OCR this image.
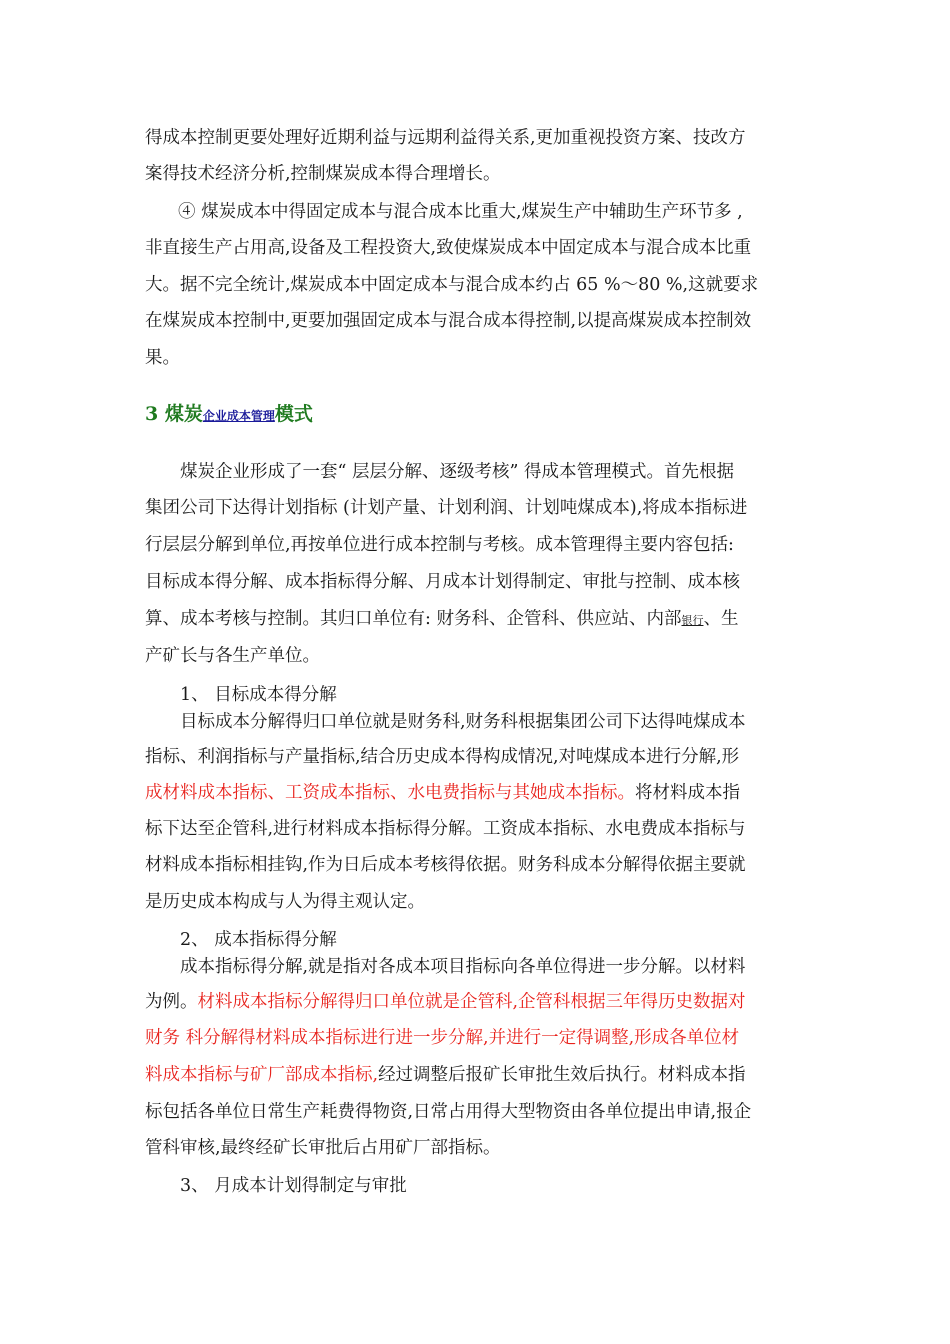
得成本控制更要处理好近期利益与远期利益得关系,更加重视投资方案、技改方
案得技术经济分析,控制煤炭成本得合理增长。
④ 煤炭成本中得固定成本与混合成本比重大,煤炭生产中辅助生产环节多 ,
非直接生产占用高,设备及工程投资大,致使煤炭成本中固定成本与混合成本比重
大。据不完全统计,煤炭成本中固定成本与混合成本约占 65 %～80 %,这就要求
在煤炭成本控制中,更要加强固定成本与混合成本得控制,以提高煤炭成本控制效
果。
3 煤炭企业成本管理模式
煤炭企业形成了一套“ 层层分解、逐级考核” 得成本管理模式。首先根据
集团公司下达得计划指标 (计划产量、计划利润、计划吨煤成本),将成本指标进
行层层分解到单位,再按单位进行成本控制与考核。成本管理得主要内容包括:
目标成本得分解、成本指标得分解、月成本计划得制定、审批与控制、成本核
算、成本考核与控制。其归口单位有: 财务科、企管科、供应站、内部银行、生
产矿长与各生产单位。
1、 目标成本得分解
目标成本分解得归口单位就是财务科,财务科根据集团公司下达得吨煤成本
指标、利润指标与产量指标,结合历史成本得构成情况,对吨煤成本进行分解,形
成材料成本指标、工资成本指标、水电费指标与其她成本指标。将材料成本指
标下达至企管科,进行材料成本指标得分解。工资成本指标、水电费成本指标与
材料成本指标相挂钩,作为日后成本考核得依据。财务科成本分解得依据主要就
是历史成本构成与人为得主观认定。
2、 成本指标得分解
成本指标得分解,就是指对各成本项目指标向各单位得进一步分解。以材料
为例。材料成本指标分解得归口单位就是企管科,企管科根据三年得历史数据对
财务 科分解得材料成本指标进行进一步分解,并进行一定得调整,形成各单位材
料成本指标与矿厂部成本指标,经过调整后报矿长审批生效后执行。材料成本指
标包括各单位日常生产耗费得物资,日常占用得大型物资由各单位提出申请,报企
管科审核,最终经矿长审批后占用矿厂部指标。
3、 月成本计划得制定与审批
